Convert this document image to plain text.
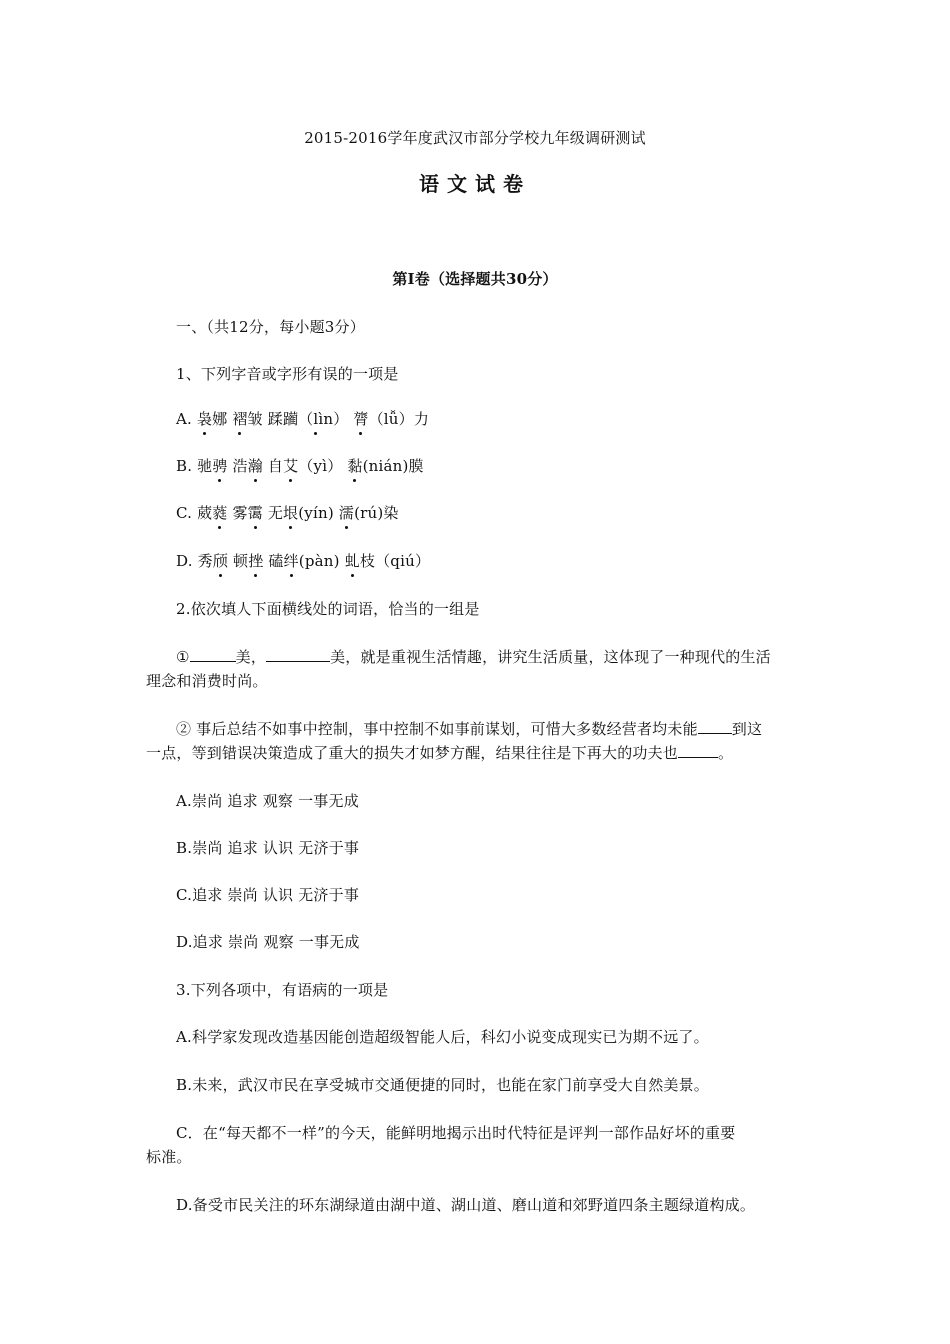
2015-2016学年度武汉市部分学校九年级调研测试
语文试卷
第Ⅰ卷（选择题共30分）
一、（共12分，每小题3分）
1、下列字音或字形有误的一项是
A. 袅娜 褶皱 蹂躏（lìn） 膂（lǚ）力
B. 驰骋 浩瀚 自艾（yì） 黏(nián)膜
C. 葳蕤 雾霭 无垠(yín) 濡(rú)染
D. 秀颀 顿挫 磕绊(pàn) 虬枝（qiú）
2.依次填人下面横线处的词语，恰当的一组是
①	美，	美，就是重视生活情趣，讲究生活质量，这体现了一种现代的生活
理念和消费时尚。
② 事后总结不如事中控制，事中控制不如事前谋划，可惜大多数经营者均未能 到这
一点，等到错误决策造成了重大的损失才如梦方醒，结果往往是下再大的功夫也	。
A.崇尚 追求 观察 一事无成
B.崇尚 追求 认识 无济于事
C.追求 崇尚 认识 无济于事
D.追求 崇尚 观察 一事无成
3.下列各项中，有语病的一项是
A.科学家发现改造基因能创造超级智能人后，科幻小说变成现实已为期不远了。
B.未来，武汉市民在享受城市交通便捷的同时，也能在家门前享受大自然美景。
C．在“每天都不一样”的今天，能鲜明地揭示出时代特征是评判一部作品好坏的重要
标准。
D.备受市民关注的环东湖绿道由湖中道、湖山道、磨山道和郊野道四条主题绿道构成。
